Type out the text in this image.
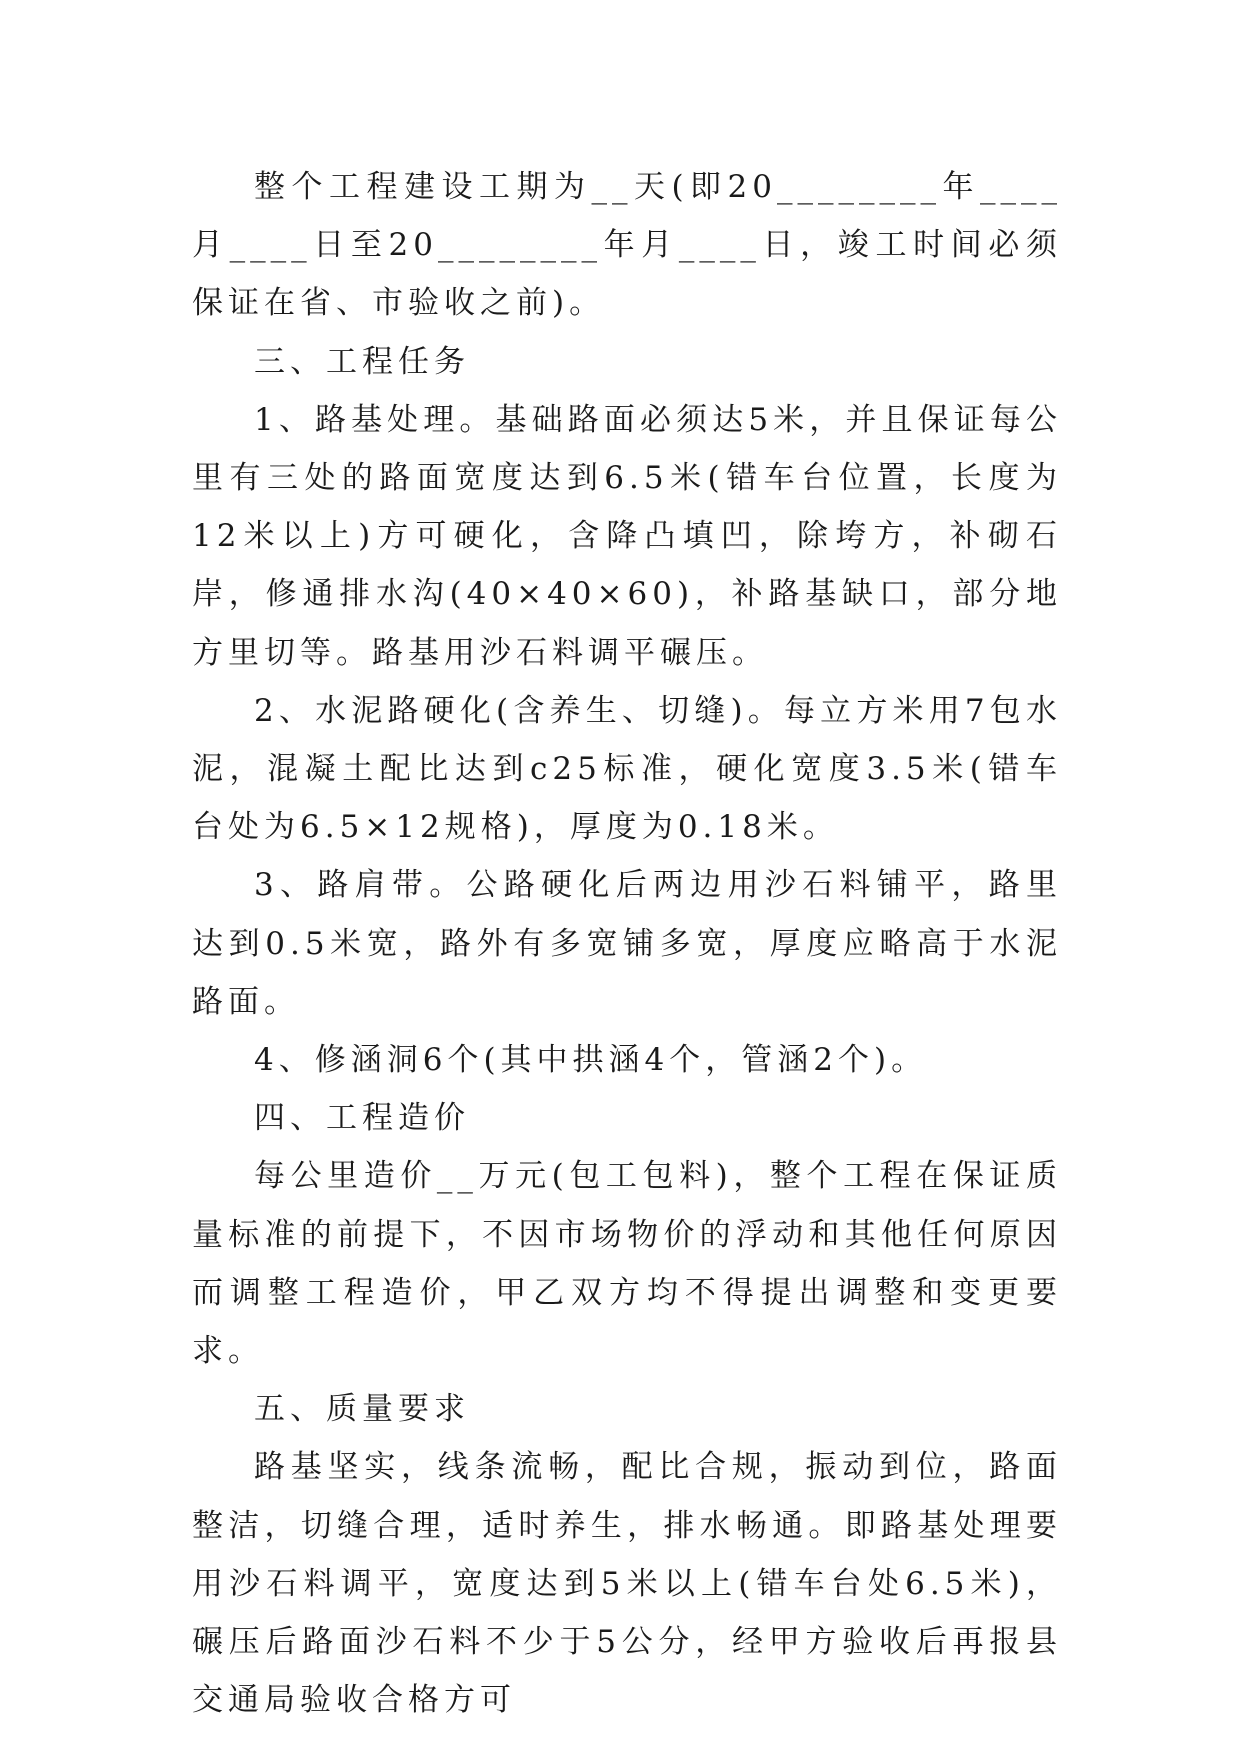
整个工程建设工期为__天(即20________年____月____日至20________年月____日，竣工时间必须保证在省、市验收之前)。

三、工程任务

1、路基处理。基础路面必须达5米，并且保证每公里有三处的路面宽度达到6.5米(错车台位置，长度为12米以上)方可硬化，含降凸填凹，除垮方，补砌石岸，修通排水沟(40×40×60)，补路基缺口，部分地方里切等。路基用沙石料调平碾压。

2、水泥路硬化(含养生、切缝)。每立方米用7包水泥，混凝土配比达到c25标准，硬化宽度3.5米(错车台处为6.5×12规格)，厚度为0.18米。

3、路肩带。公路硬化后两边用沙石料铺平，路里达到0.5米宽，路外有多宽铺多宽，厚度应略高于水泥路面。

4、修涵洞6个(其中拱涵4个，管涵2个)。

四、工程造价

每公里造价__万元(包工包料)，整个工程在保证质量标准的前提下，不因市场物价的浮动和其他任何原因而调整工程造价，甲乙双方均不得提出调整和变更要求。

五、质量要求

路基坚实，线条流畅，配比合规，振动到位，路面整洁，切缝合理，适时养生，排水畅通。即路基处理要用沙石料调平，宽度达到5米以上(错车台处6.5米)，碾压后路面沙石料不少于5公分，经甲方验收后再报县交通局验收合格方可
